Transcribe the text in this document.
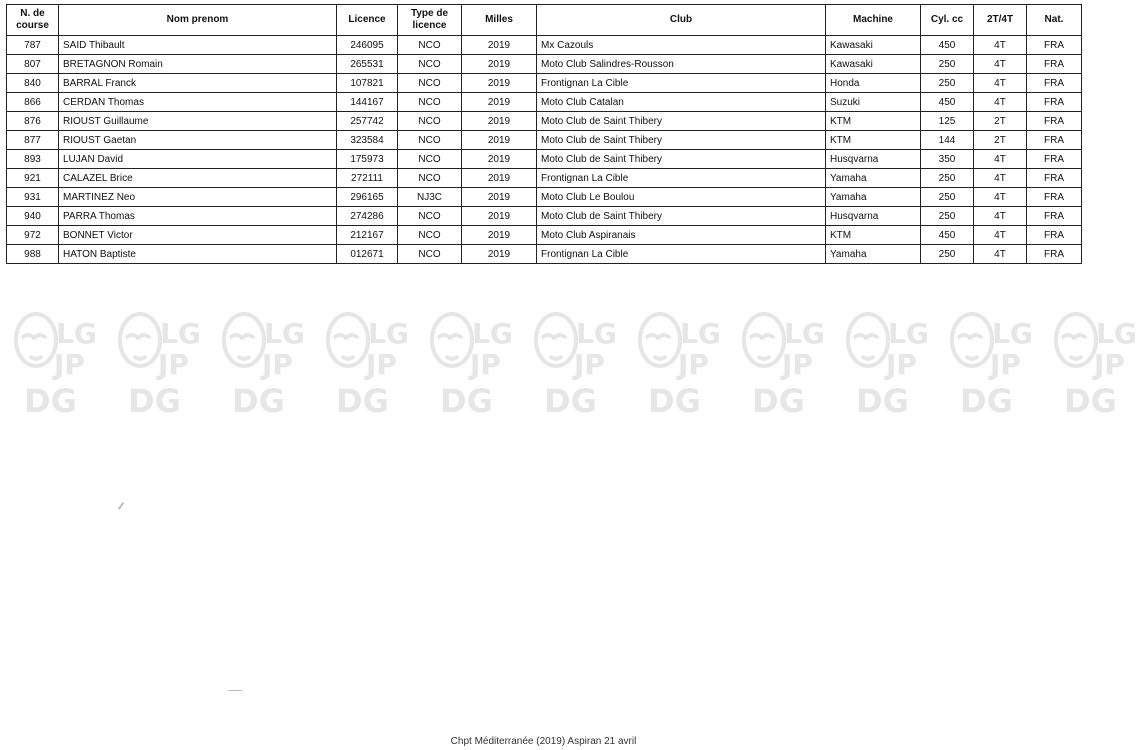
N. de course	Nom prenom	Licence	Type de licence	Milles	Club	Machine	Cyl. cc	2T/4T	Nat.
787	SAID Thibault	246095	NCO	2019	Mx Cazouls	Kawasaki	450	4T	FRA
807	BRETAGNON Romain	265531	NCO	2019	Moto Club Salindres-Rousson	Kawasaki	250	4T	FRA
840	BARRAL Franck	107821	NCO	2019	Frontignan La Cible	Honda	250	4T	FRA
866	CERDAN Thomas	144167	NCO	2019	Moto Club Catalan	Suzuki	450	4T	FRA
876	RIOUST Guillaume	257742	NCO	2019	Moto Club de Saint Thibery	KTM	125	2T	FRA
877	RIOUST Gaetan	323584	NCO	2019	Moto Club de Saint Thibery	KTM	144	2T	FRA
893	LUJAN David	175973	NCO	2019	Moto Club de Saint Thibery	Husqvarna	350	4T	FRA
921	CALAZEL Brice	272111	NCO	2019	Frontignan La Cible	Yamaha	250	4T	FRA
931	MARTINEZ Neo	296165	NJ3C	2019	Moto Club Le Boulou	Yamaha	250	4T	FRA
940	PARRA Thomas	274286	NCO	2019	Moto Club de Saint Thibery	Husqvarna	250	4T	FRA
972	BONNET Victor	212167	NCO	2019	Moto Club Aspiranais	KTM	450	4T	FRA
988	HATON Baptiste	012671	NCO	2019	Frontignan La Cible	Yamaha	250	4T	FRA
LG
JP
DG
LG
JP
DG
LG
JP
DG
LG
JP
DG
LG
JP
DG
LG
JP
DG
LG
JP
DG
LG
JP
DG
LG
JP
DG
LG
JP
DG
LG
JP
DG
Chpt Méditerranée (2019) Aspiran 21 avril
